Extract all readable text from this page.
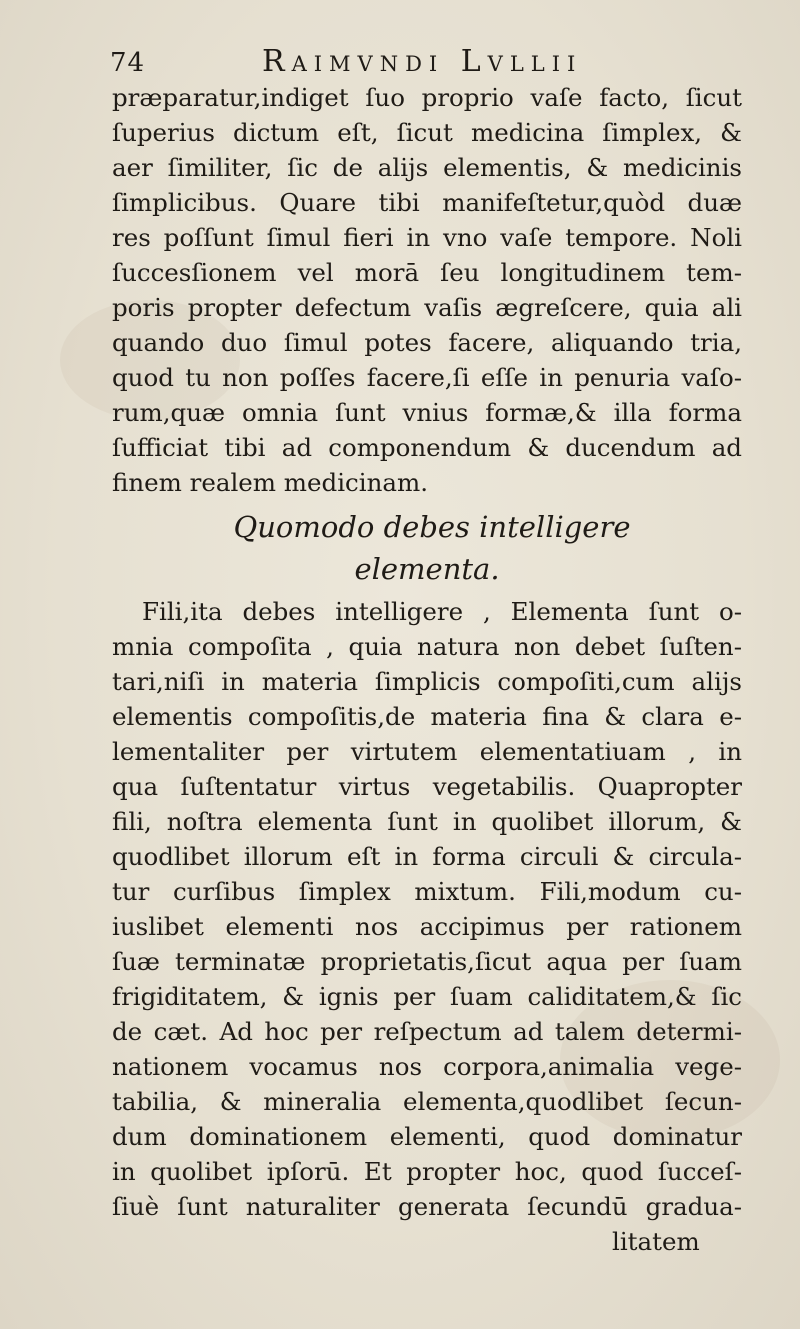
74	Raimvndi Lvllii
præparatur,indiget ſuo proprio vaſe facto, ſicut
ſuperius dictum eſt, ſicut medicina ſimplex, &
aer ſimiliter, ſic de alijs elementis, & medicinis
ſimplicibus. Quare tibi manifeſtetur,quòd duæ
res poſſunt ſimul fieri in vno vaſe tempore. Noli
ſuccesſionem vel morā ſeu longitudinem tem-
poris propter defectum vaſis ægreſcere, quia ali
quando duo ſimul potes facere, aliquando tria,
quod tu non poſſes facere,ſi eſſe in penuria vaſo-
rum,quæ omnia ſunt vnius formæ,& illa forma
ſufficiat tibi ad componendum & ducendum ad
finem realem medicinam.
Quomodo debes intelligere
elementa.
Fili,ita debes intelligere , Elementa ſunt o-
mnia compoſita , quia natura non debet ſuſten-
tari,niſi in materia ſimplicis compoſiti,cum alijs
elementis compoſitis,de materia fina & clara e-
lementaliter per virtutem elementatiuam , in
qua ſuſtentatur virtus vegetabilis. Quapropter
fili, noſtra elementa ſunt in quolibet illorum, &
quodlibet illorum eſt in forma circuli & circula-
tur curſibus ſimplex mixtum. Fili,modum cu-
iuslibet elementi nos accipimus per rationem
ſuæ terminatæ proprietatis,ſicut aqua per ſuam
frigiditatem, & ignis per ſuam caliditatem,& ſic
de cæt. Ad hoc per reſpectum ad talem determi-
nationem vocamus nos corpora,animalia vege-
tabilia, & mineralia elementa,quodlibet ſecun-
dum dominationem elementi, quod dominatur
in quolibet ipſorū. Et propter hoc, quod ſucceſ-
ſiuè ſunt naturaliter generata ſecundū gradua-
litatem
